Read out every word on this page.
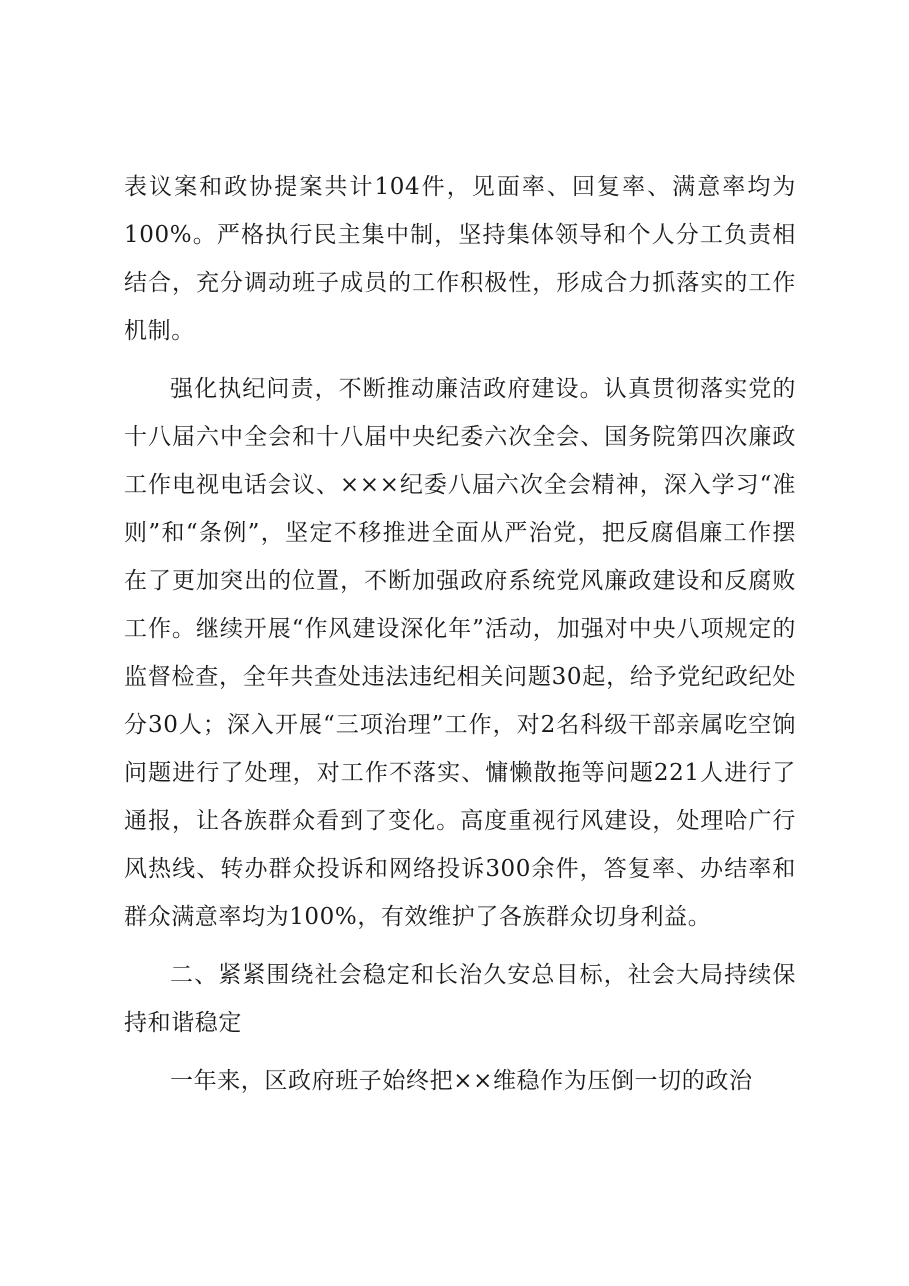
表议案和政协提案共计104件，见面率、回复率、满意率均为100%。严格执行民主集中制，坚持集体领导和个人分工负责相结合，充分调动班子成员的工作积极性，形成合力抓落实的工作机制。

强化执纪问责，不断推动廉洁政府建设。认真贯彻落实党的十八届六中全会和十八届中央纪委六次全会、国务院第四次廉政工作电视电话会议、×××纪委八届六次全会精神，深入学习“准则”和“条例”，坚定不移推进全面从严治党，把反腐倡廉工作摆在了更加突出的位置，不断加强政府系统党风廉政建设和反腐败工作。继续开展“作风建设深化年”活动，加强对中央八项规定的监督检查，全年共查处违法违纪相关问题30起，给予党纪政纪处分30人；深入开展“三项治理”工作，对2名科级干部亲属吃空饷问题进行了处理，对工作不落实、慵懒散拖等问题221人进行了通报，让各族群众看到了变化。高度重视行风建设，处理哈广行风热线、转办群众投诉和网络投诉300余件，答复率、办结率和群众满意率均为100%，有效维护了各族群众切身利益。

二、紧紧围绕社会稳定和长治久安总目标，社会大局持续保持和谐稳定

一年来，区政府班子始终把××维稳作为压倒一切的政治
